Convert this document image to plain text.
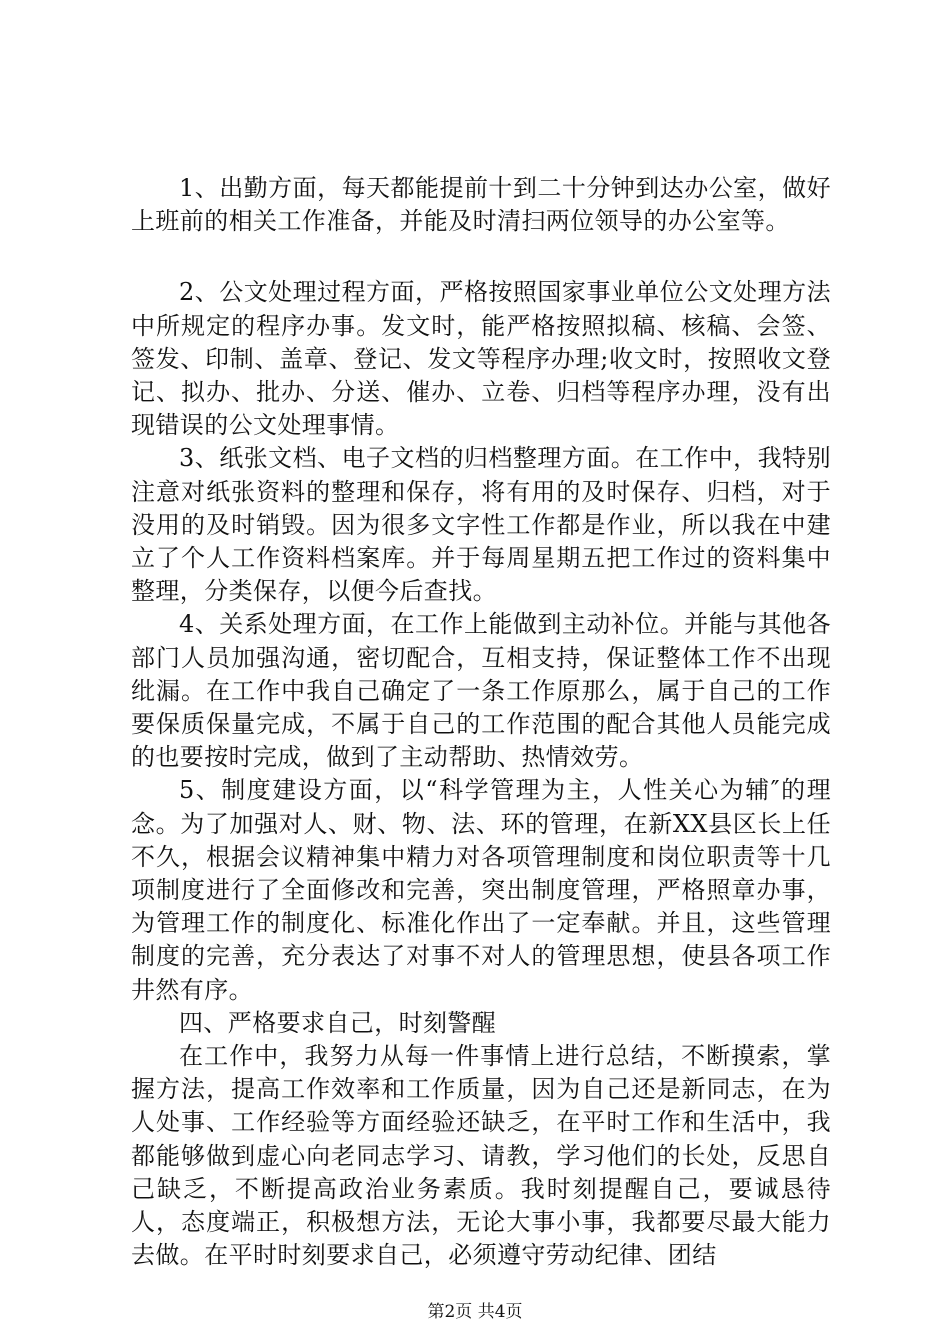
1、出勤方面，每天都能提前十到二十分钟到达办公室，做好上班前的相关工作准备，并能及时清扫两位领导的办公室等。

2、公文处理过程方面，严格按照国家事业单位公文处理方法中所规定的程序办事。发文时，能严格按照拟稿、核稿、会签、签发、印制、盖章、登记、发文等程序办理;收文时，按照收文登记、拟办、批办、分送、催办、立卷、归档等程序办理，没有出现错误的公文处理事情。

3、纸张文档、电子文档的归档整理方面。在工作中，我特别注意对纸张资料的整理和保存，将有用的及时保存、归档，对于没用的及时销毁。因为很多文字性工作都是作业，所以我在中建立了个人工作资料档案库。并于每周星期五把工作过的资料集中整理，分类保存，以便今后查找。

4、关系处理方面，在工作上能做到主动补位。并能与其他各部门人员加强沟通，密切配合，互相支持，保证整体工作不出现纰漏。在工作中我自己确定了一条工作原那么，属于自己的工作要保质保量完成，不属于自己的工作范围的配合其他人员能完成的也要按时完成，做到了主动帮助、热情效劳。

5、制度建设方面，以“科学管理为主，人性关心为辅″的理念。为了加强对人、财、物、法、环的管理，在新XX县区长上任不久，根据会议精神集中精力对各项管理制度和岗位职责等十几项制度进行了全面修改和完善，突出制度管理，严格照章办事，为管理工作的制度化、标准化作出了一定奉献。并且，这些管理制度的完善，充分表达了对事不对人的管理思想，使县各项工作井然有序。

四、严格要求自己，时刻警醒

在工作中，我努力从每一件事情上进行总结，不断摸索，掌握方法，提高工作效率和工作质量，因为自己还是新同志，在为人处事、工作经验等方面经验还缺乏，在平时工作和生活中，我都能够做到虚心向老同志学习、请教，学习他们的长处，反思自己缺乏，不断提高政治业务素质。我时刻提醒自己，要诚恳待人，态度端正，积极想方法，无论大事小事，我都要尽最大能力去做。在平时时刻要求自己，必须遵守劳动纪律、团结

第2页 共4页
